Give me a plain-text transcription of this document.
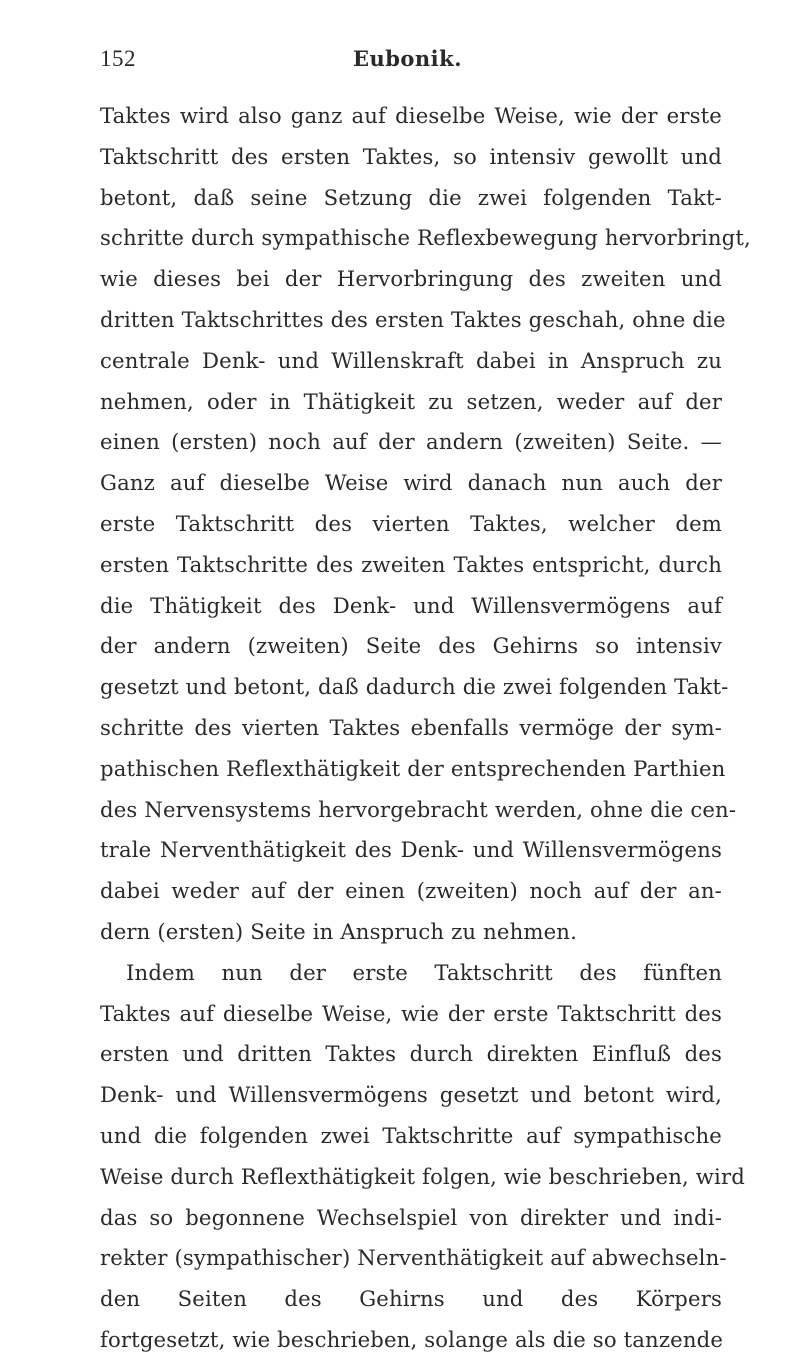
152	Eubonik.
Taktes wird also ganz auf dieselbe Weise, wie der erste
Taktschritt des ersten Taktes, so intensiv gewollt und
betont, daß seine Setzung die zwei folgenden Takt-
schritte durch sympathische Reflexbewegung hervorbringt,
wie dieses bei der Hervorbringung des zweiten und
dritten Taktschrittes des ersten Taktes geschah, ohne die
centrale Denk- und Willenskraft dabei in Anspruch zu
nehmen, oder in Thätigkeit zu setzen, weder auf der
einen (ersten) noch auf der andern (zweiten) Seite. —
Ganz auf dieselbe Weise wird danach nun auch der
erste Taktschritt des vierten Taktes, welcher dem
ersten Taktschritte des zweiten Taktes entspricht, durch
die Thätigkeit des Denk- und Willensvermögens auf
der andern (zweiten) Seite des Gehirns so intensiv
gesetzt und betont, daß dadurch die zwei folgenden Takt-
schritte des vierten Taktes ebenfalls vermöge der sym-
pathischen Reflexthätigkeit der entsprechenden Parthien
des Nervensystems hervorgebracht werden, ohne die cen-
trale Nerventhätigkeit des Denk- und Willensvermögens
dabei weder auf der einen (zweiten) noch auf der an-
dern (ersten) Seite in Anspruch zu nehmen.
Indem nun der erste Taktschritt des fünften
Taktes auf dieselbe Weise, wie der erste Taktschritt des
ersten und dritten Taktes durch direkten Einfluß des
Denk- und Willensvermögens gesetzt und betont wird,
und die folgenden zwei Taktschritte auf sympathische
Weise durch Reflexthätigkeit folgen, wie beschrieben, wird
das so begonnene Wechselspiel von direkter und indi-
rekter (sympathischer) Nerventhätigkeit auf abwechseln-
den Seiten des Gehirns und des Körpers
fortgesetzt, wie beschrieben, solange als die so tanzende
